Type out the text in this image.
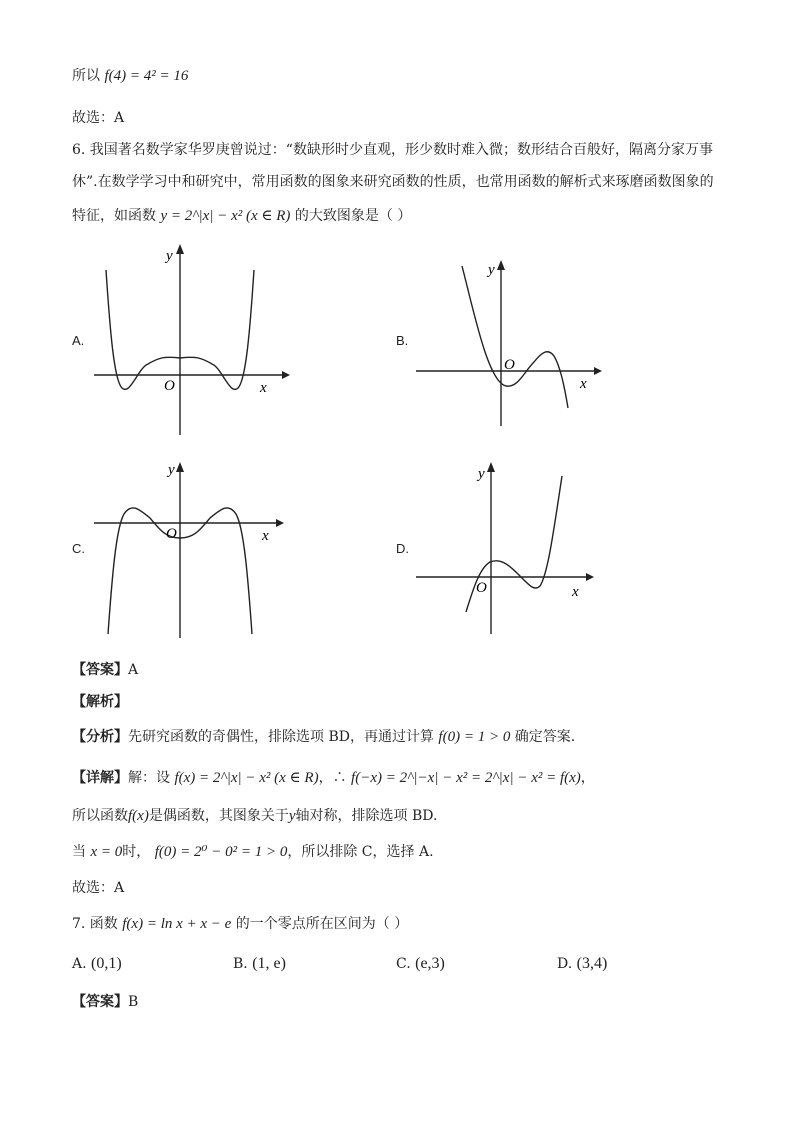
所以 f(4) = 4² = 16
故选：A
6. 我国著名数学家华罗庚曾说过：“数缺形时少直观，形少数时难入微；数形结合百般好，隔离分家万事
休”.在数学学习中和研究中，常用函数的图象来研究函数的性质，也常用函数的解析式来琢磨函数图象的
特征，如函数 y = 2^|x| − x² (x ∈ R) 的大致图象是（ ）
A.	B.
C.	D.
y
x
O
y
x
O
y
x
O
y
x
O
【答案】A
【解析】
【分析】先研究函数的奇偶性，排除选项 BD，再通过计算 f(0) = 1 > 0 确定答案.
【详解】解：设 f(x) = 2^|x| − x² (x ∈ R)，∴ f(−x) = 2^|−x| − x² = 2^|x| − x² = f(x)，
所以函数f(x)是偶函数，其图象关于y轴对称，排除选项 BD.
当 x = 0时， f(0) = 2⁰ − 0² = 1 > 0，所以排除 C，选择 A.
故选：A
7. 函数 f(x) = ln x + x − e 的一个零点所在区间为（ ）
A. (0,1)	B. (1, e)	C. (e,3)	D. (3,4)
【答案】B
